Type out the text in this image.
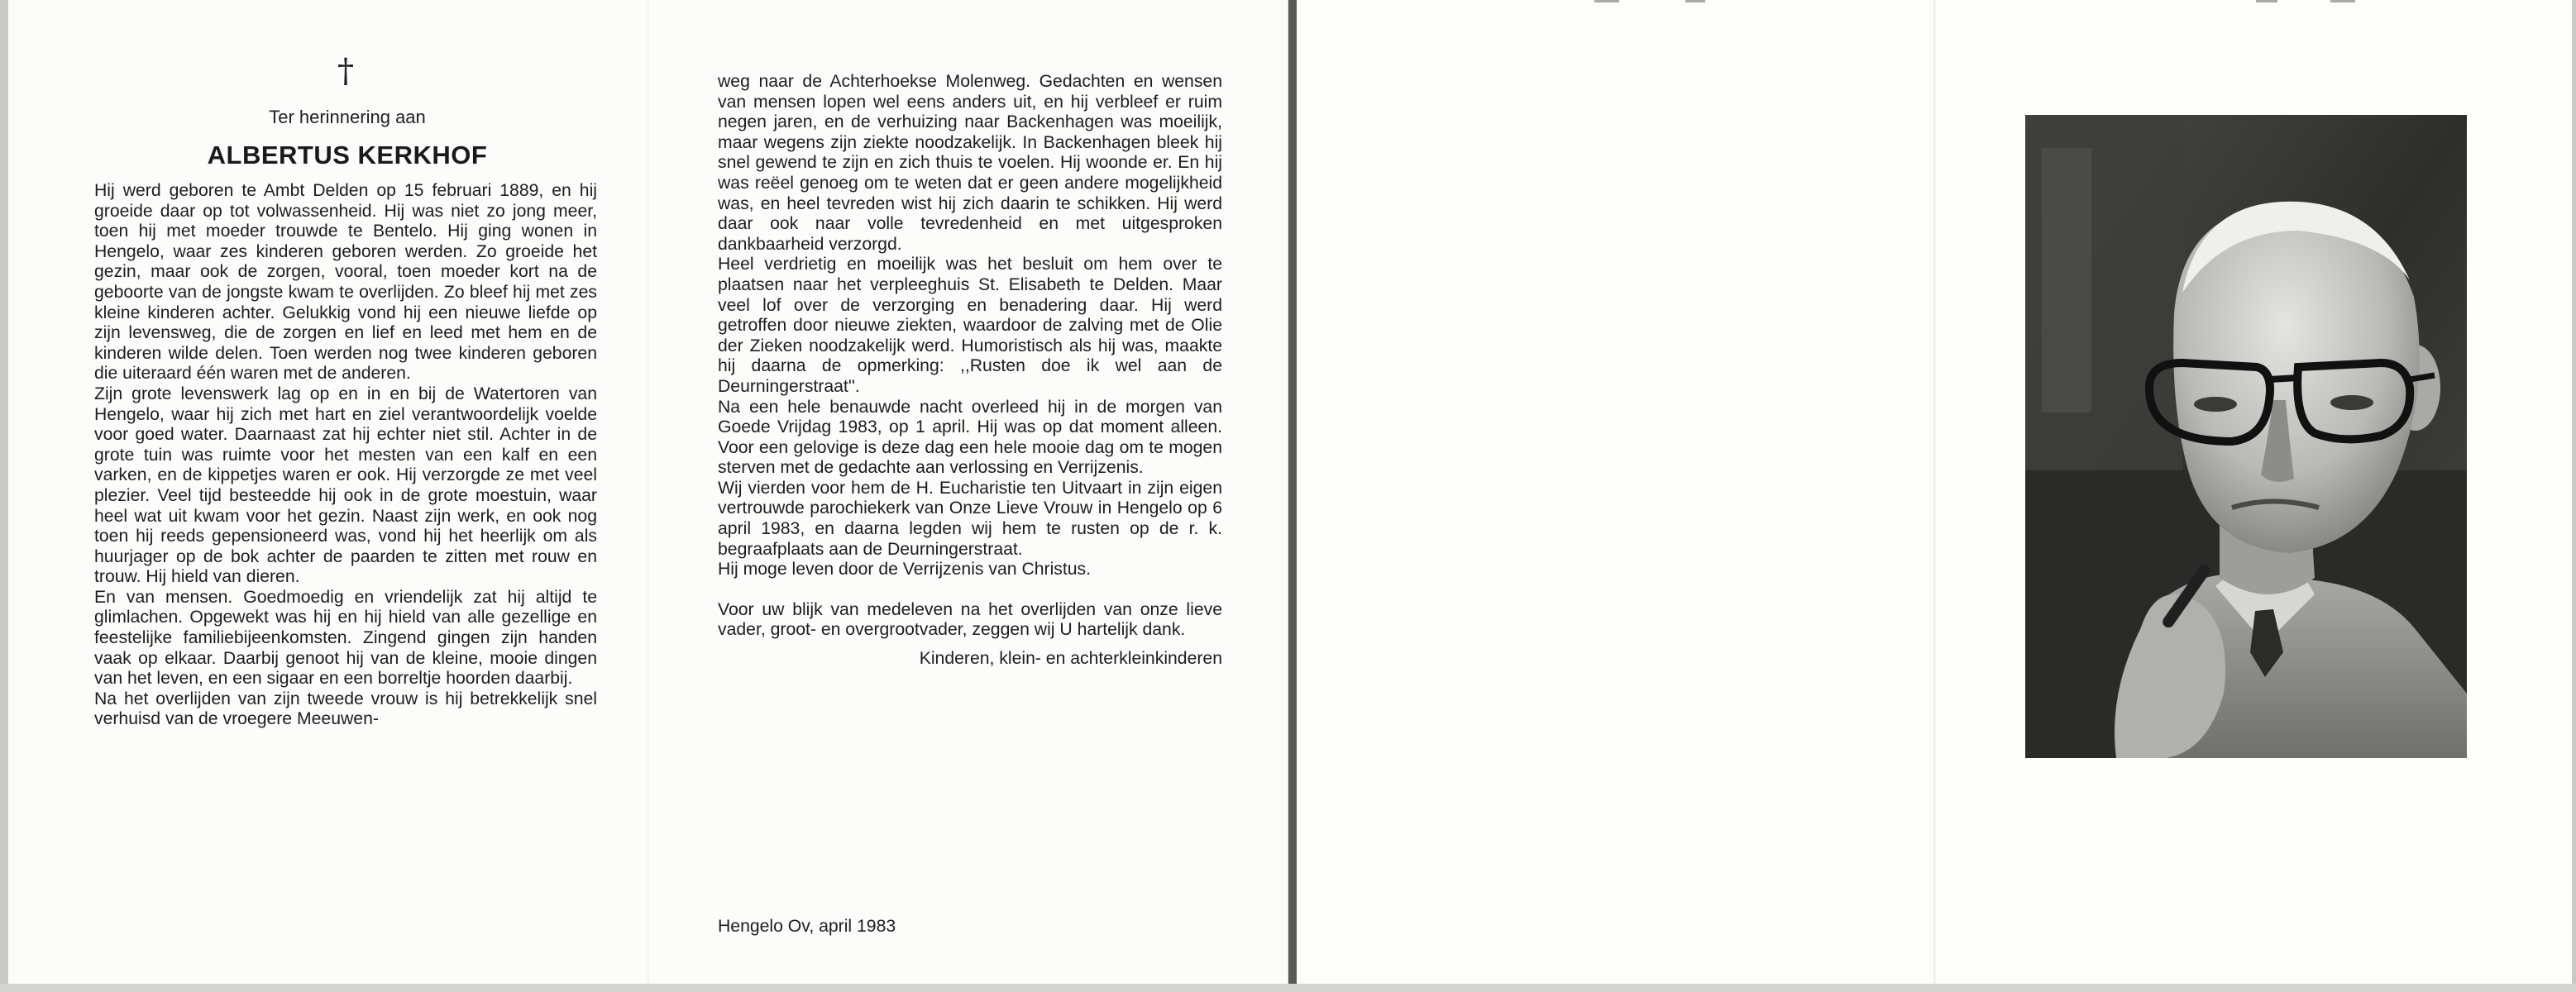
†
Ter herinnering aan
ALBERTUS KERKHOF

Hij werd geboren te Ambt Delden op 15 februari 1889, en hij groeide daar op tot volwassenheid. Hij was niet zo jong meer, toen hij met moeder trouwde te Bentelo. Hij ging wonen in Hengelo, waar zes kinderen geboren werden. Zo groeide het gezin, maar ook de zorgen, vooral, toen moeder kort na de geboorte van de jongste kwam te overlijden. Zo bleef hij met zes kleine kinderen achter. Gelukkig vond hij een nieuwe liefde op zijn levensweg, die de zorgen en lief en leed met hem en de kinderen wilde delen. Toen werden nog twee kinderen geboren die uiteraard één waren met de anderen.

Zijn grote levenswerk lag op en in en bij de Watertoren van Hengelo, waar hij zich met hart en ziel verantwoordelijk voelde voor goed water. Daarnaast zat hij echter niet stil. Achter in de grote tuin was ruimte voor het mesten van een kalf en een varken, en de kippetjes waren er ook. Hij verzorgde ze met veel plezier. Veel tijd besteedde hij ook in de grote moestuin, waar heel wat uit kwam voor het gezin. Naast zijn werk, en ook nog toen hij reeds gepensioneerd was, vond hij het heerlijk om als huurjager op de bok achter de paarden te zitten met rouw en trouw. Hij hield van dieren.

En van mensen. Goedmoedig en vriendelijk zat hij altijd te glimlachen. Opgewekt was hij en hij hield van alle gezellige en feestelijke familiebijeenkomsten. Zingend gingen zijn handen vaak op elkaar. Daarbij genoot hij van de kleine, mooie dingen van het leven, en een sigaar en een borreltje hoorden daarbij.

Na het overlijden van zijn tweede vrouw is hij betrekkelijk snel verhuisd van de vroegere Meeuwen-

weg naar de Achterhoekse Molenweg. Gedachten en wensen van mensen lopen wel eens anders uit, en hij verbleef er ruim negen jaren, en de verhuizing naar Backenhagen was moeilijk, maar wegens zijn ziekte noodzakelijk. In Backenhagen bleek hij snel gewend te zijn en zich thuis te voelen. Hij woonde er. En hij was reëel genoeg om te weten dat er geen andere mogelijkheid was, en heel tevreden wist hij zich daarin te schikken. Hij werd daar ook naar volle tevredenheid en met uitgesproken dankbaarheid verzorgd.

Heel verdrietig en moeilijk was het besluit om hem over te plaatsen naar het verpleeghuis St. Elisabeth te Delden. Maar veel lof over de verzorging en benadering daar. Hij werd getroffen door nieuwe ziekten, waardoor de zalving met de Olie der Zieken noodzakelijk werd. Humoristisch als hij was, maakte hij daarna de opmerking: ,,Rusten doe ik wel aan de Deurningerstraat''.

Na een hele benauwde nacht overleed hij in de morgen van Goede Vrijdag 1983, op 1 april. Hij was op dat moment alleen. Voor een gelovige is deze dag een hele mooie dag om te mogen sterven met de gedachte aan verlossing en Verrijzenis.

Wij vierden voor hem de H. Eucharistie ten Uitvaart in zijn eigen vertrouwde parochiekerk van Onze Lieve Vrouw in Hengelo op 6 april 1983, en daarna legden wij hem te rusten op de r. k. begraafplaats aan de Deurningerstraat.

Hij moge leven door de Verrijzenis van Christus.

Voor uw blijk van medeleven na het overlijden van onze lieve vader, groot- en overgrootvader, zeggen wij U hartelijk dank.

Kinderen, klein- en achterkleinkinderen

Hengelo Ov, april 1983
